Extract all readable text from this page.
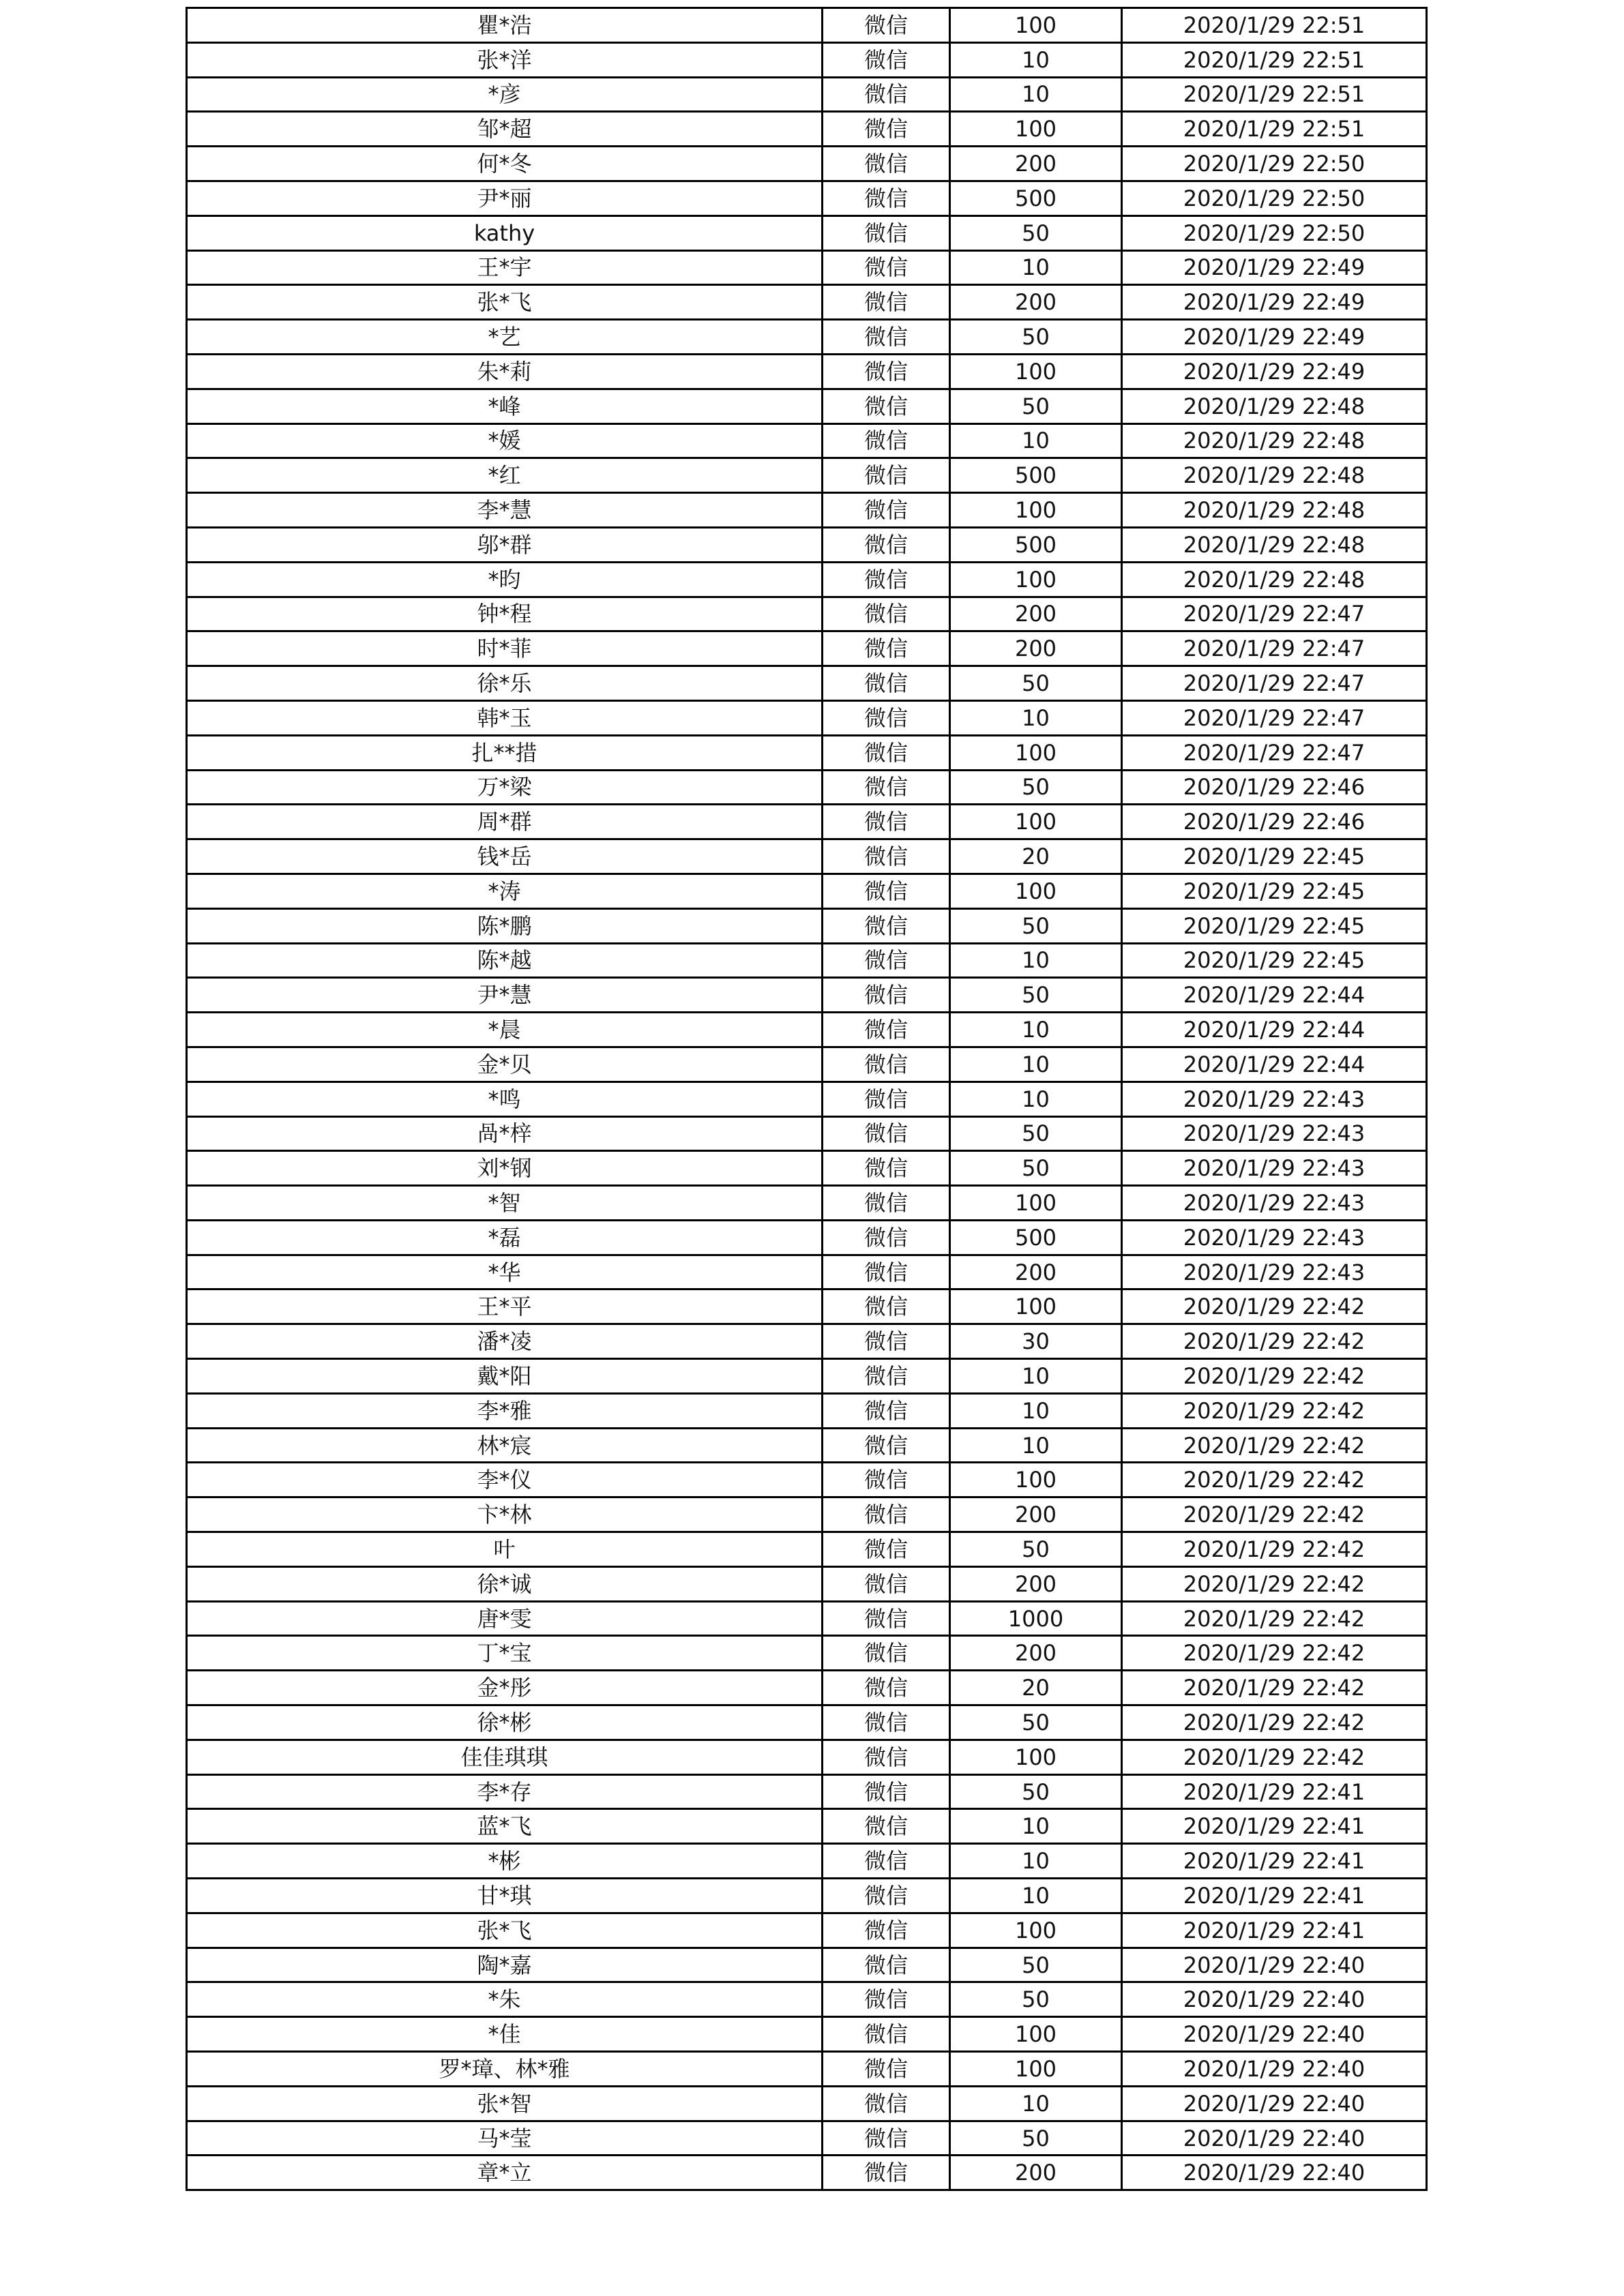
瞿*浩	微信	100	2020/1/29 22:51
张*洋	微信	10	2020/1/29 22:51
*彦	微信	10	2020/1/29 22:51
邹*超	微信	100	2020/1/29 22:51
何*冬	微信	200	2020/1/29 22:50
尹*丽	微信	500	2020/1/29 22:50
kathy	微信	50	2020/1/29 22:50
王*宇	微信	10	2020/1/29 22:49
张*飞	微信	200	2020/1/29 22:49
*艺	微信	50	2020/1/29 22:49
朱*莉	微信	100	2020/1/29 22:49
*峰	微信	50	2020/1/29 22:48
*媛	微信	10	2020/1/29 22:48
*红	微信	500	2020/1/29 22:48
李*慧	微信	100	2020/1/29 22:48
邬*群	微信	500	2020/1/29 22:48
*昀	微信	100	2020/1/29 22:48
钟*程	微信	200	2020/1/29 22:47
时*菲	微信	200	2020/1/29 22:47
徐*乐	微信	50	2020/1/29 22:47
韩*玉	微信	10	2020/1/29 22:47
扎**措	微信	100	2020/1/29 22:47
万*梁	微信	50	2020/1/29 22:46
周*群	微信	100	2020/1/29 22:46
钱*岳	微信	20	2020/1/29 22:45
*涛	微信	100	2020/1/29 22:45
陈*鹏	微信	50	2020/1/29 22:45
陈*越	微信	10	2020/1/29 22:45
尹*慧	微信	50	2020/1/29 22:44
*晨	微信	10	2020/1/29 22:44
金*贝	微信	10	2020/1/29 22:44
*鸣	微信	10	2020/1/29 22:43
咼*梓	微信	50	2020/1/29 22:43
刘*钢	微信	50	2020/1/29 22:43
*智	微信	100	2020/1/29 22:43
*磊	微信	500	2020/1/29 22:43
*华	微信	200	2020/1/29 22:43
王*平	微信	100	2020/1/29 22:42
潘*凌	微信	30	2020/1/29 22:42
戴*阳	微信	10	2020/1/29 22:42
李*雅	微信	10	2020/1/29 22:42
林*宸	微信	10	2020/1/29 22:42
李*仪	微信	100	2020/1/29 22:42
卞*林	微信	200	2020/1/29 22:42
叶	微信	50	2020/1/29 22:42
徐*诚	微信	200	2020/1/29 22:42
唐*雯	微信	1000	2020/1/29 22:42
丁*宝	微信	200	2020/1/29 22:42
金*彤	微信	20	2020/1/29 22:42
徐*彬	微信	50	2020/1/29 22:42
佳佳琪琪	微信	100	2020/1/29 22:42
李*存	微信	50	2020/1/29 22:41
蓝*飞	微信	10	2020/1/29 22:41
*彬	微信	10	2020/1/29 22:41
甘*琪	微信	10	2020/1/29 22:41
张*飞	微信	100	2020/1/29 22:41
陶*嘉	微信	50	2020/1/29 22:40
*朱	微信	50	2020/1/29 22:40
*佳	微信	100	2020/1/29 22:40
罗*璋、林*雅	微信	100	2020/1/29 22:40
张*智	微信	10	2020/1/29 22:40
马*莹	微信	50	2020/1/29 22:40
章*立	微信	200	2020/1/29 22:40
